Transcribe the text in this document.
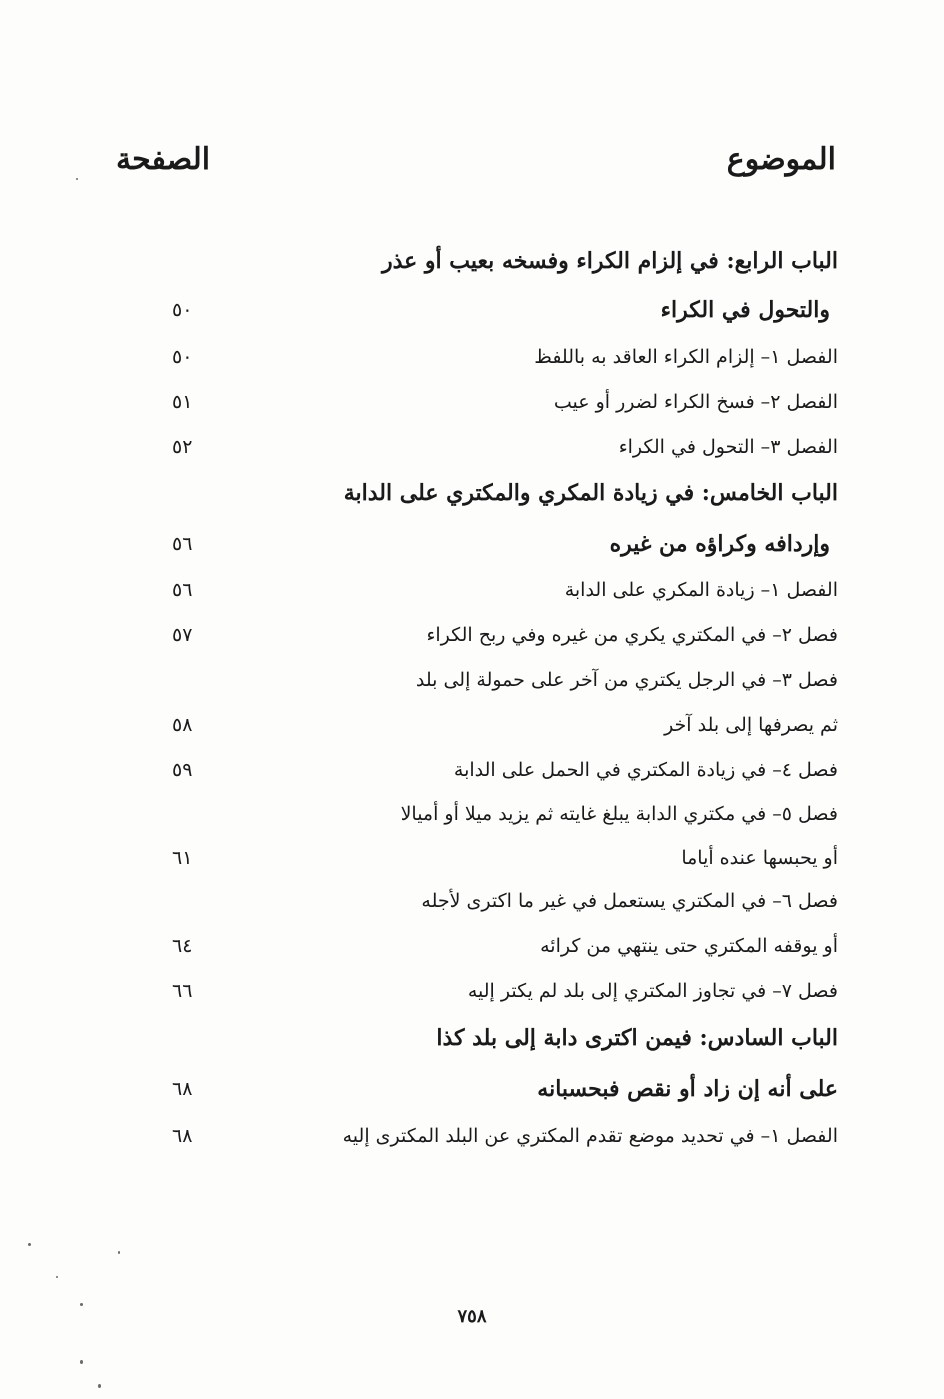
الموضوع
الصفحة
الباب الرابع: في إلزام الكراء وفسخه بعيب أو عذر
والتحول في الكراء
٥٠
الفصل ١– إلزام الكراء العاقد به باللفظ
٥٠
الفصل ٢– فسخ الكراء لضرر أو عيب
٥١
الفصل ٣– التحول في الكراء
٥٢
الباب الخامس: في زيادة المكري والمكتري على الدابة
وإردافه وكراؤه من غيره
٥٦
الفصل ١– زيادة المكري على الدابة
٥٦
فصل ٢– في المكتري يكري من غيره وفي ربح الكراء
٥٧
فصل ٣– في الرجل يكتري من آخر على حمولة إلى بلد
ثم يصرفها إلى بلد آخر
٥٨
فصل ٤– في زيادة المكتري في الحمل على الدابة
٥٩
فصل ٥– في مكتري الدابة يبلغ غايته ثم يزيد ميلا أو أميالا
أو يحبسها عنده أياما
٦١
فصل ٦– في المكتري يستعمل في غير ما اكترى لأجله
أو يوقفه المكتري حتى ينتهي من كرائه
٦٤
فصل ٧– في تجاوز المكتري إلى بلد لم يكتر إليه
٦٦
الباب السادس: فيمن اكترى دابة إلى بلد كذا
على أنه إن زاد أو نقص فبحسبانه
٦٨
الفصل ١– في تحديد موضع تقدم المكتري عن البلد المكترى إليه
٦٨
٧٥٨
